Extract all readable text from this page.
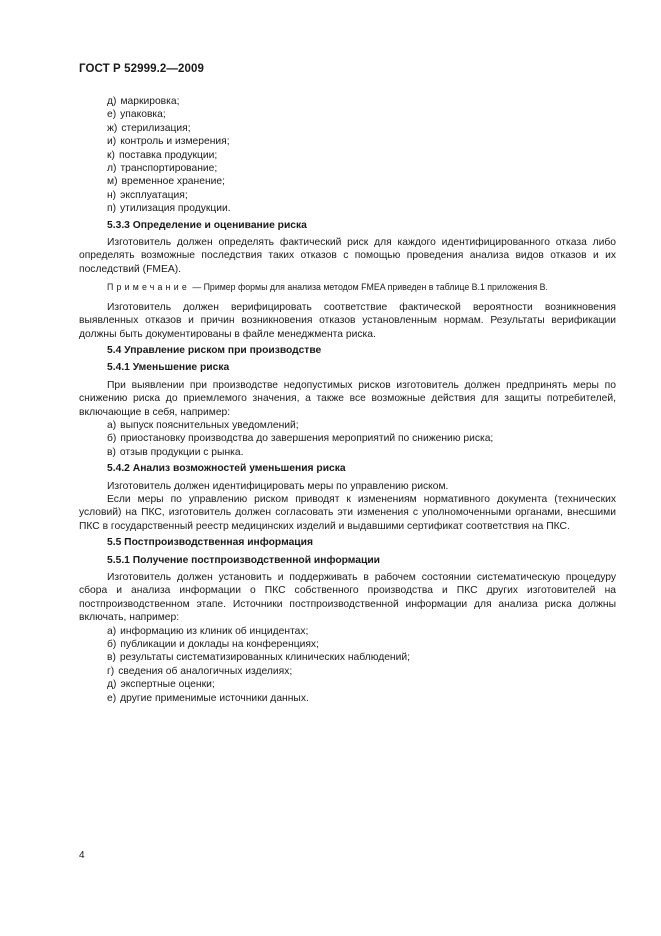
ГОСТ Р 52999.2—2009
д) маркировка;
е) упаковка;
ж) стерилизация;
и) контроль и измерения;
к) поставка продукции;
л) транспортирование;
м) временное хранение;
н) эксплуатация;
п) утилизация продукции.
5.3.3 Определение и оценивание риска

Изготовитель должен определять фактический риск для каждого идентифицированного отказа либо определять возможные последствия таких отказов с помощью проведения анализа видов отказов и их последствий (FMEA).

Примечание — Пример формы для анализа методом FMEA приведен в таблице В.1 приложения В.

Изготовитель должен верифицировать соответствие фактической вероятности возникновения выявленных отказов и причин возникновения отказов установленным нормам. Результаты верификации должны быть документированы в файле менеджмента риска.

5.4 Управление риском при производстве
5.4.1 Уменьшение риска

При выявлении при производстве недопустимых рисков изготовитель должен предпринять меры по снижению риска до приемлемого значения, а также все возможные действия для защиты потребителей, включающие в себя, например:

а) выпуск пояснительных уведомлений;
б) приостановку производства до завершения мероприятий по снижению риска;
в) отзыв продукции с рынка.
5.4.2 Анализ возможностей уменьшения риска

Изготовитель должен идентифицировать меры по управлению риском.

Если меры по управлению риском приводят к изменениям нормативного документа (технических условий) на ПКС, изготовитель должен согласовать эти изменения с уполномоченными органами, внесшими ПКС в государственный реестр медицинских изделий и выдавшими сертификат соответствия на ПКС.

5.5 Постпроизводственная информация
5.5.1 Получение постпроизводственной информации

Изготовитель должен установить и поддерживать в рабочем состоянии систематическую процедуру сбора и анализа информации о ПКС собственного производства и ПКС других изготовителей на постпроизводственном этапе. Источники постпроизводственной информации для анализа риска должны включать, например:

а) информацию из клиник об инцидентах;
б) публикации и доклады на конференциях;
в) результаты систематизированных клинических наблюдений;
г) сведения об аналогичных изделиях;
д) экспертные оценки;
е) другие применимые источники данных.
4
